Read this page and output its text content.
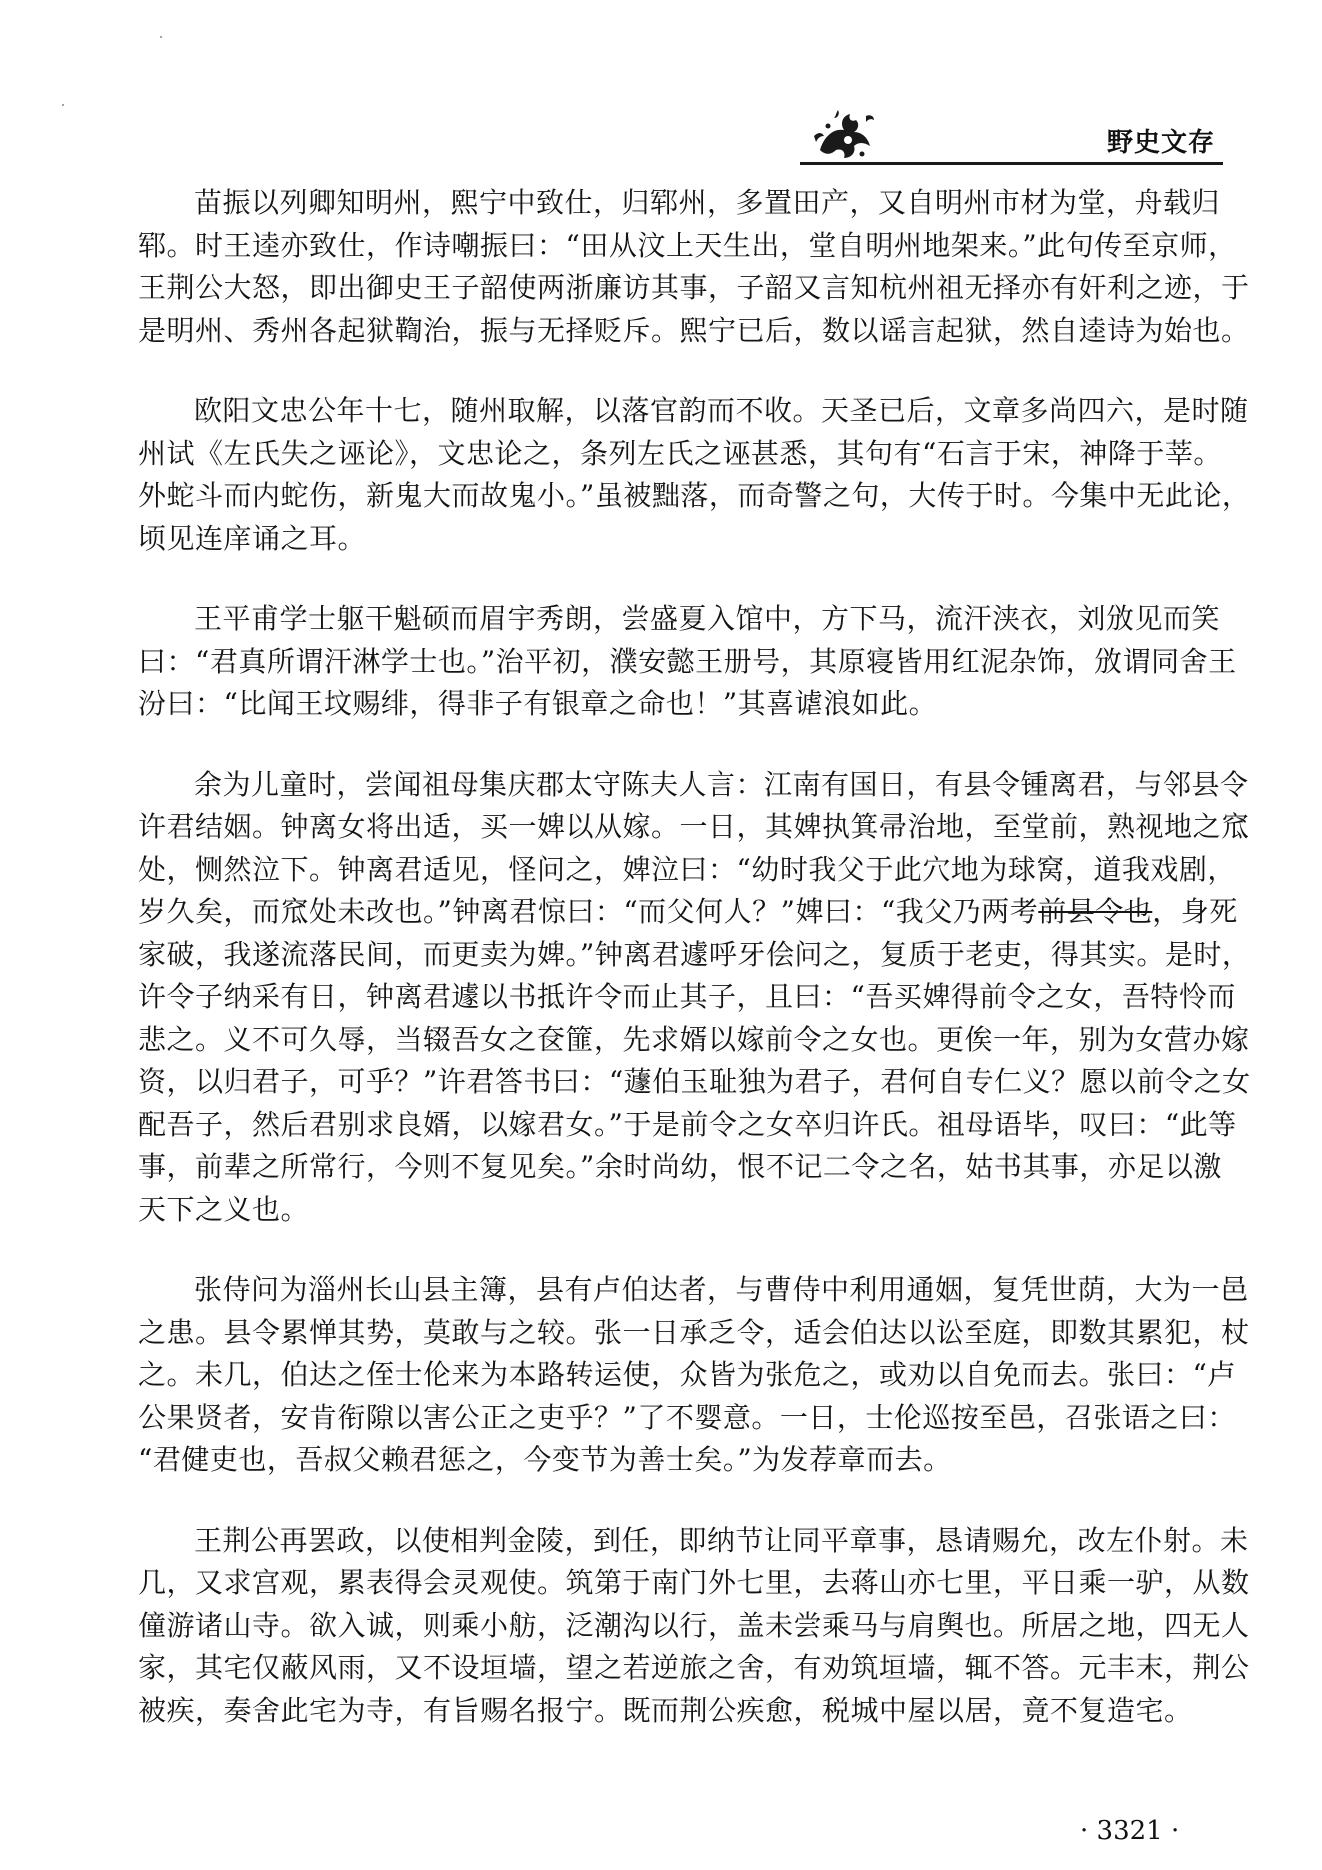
野史文存
苗振以列卿知明州，熙宁中致仕，归郓州，多置田产，又自明州市材为堂，舟载归
郓。时王逵亦致仕，作诗嘲振曰：“田从汶上天生出，堂自明州地架来。”此句传至京师，
王荆公大怒，即出御史王子韶使两浙廉访其事，子韶又言知杭州祖无择亦有奸利之迹，于
是明州、秀州各起狱鞫治，振与无择贬斥。熙宁已后，数以谣言起狱，然自逵诗为始也。
欧阳文忠公年十七，随州取解，以落官韵而不收。天圣已后，文章多尚四六，是时随
州试《左氏失之诬论》，文忠论之，条列左氏之诬甚悉，其句有“石言于宋，神降于莘。
外蛇斗而内蛇伤，新鬼大而故鬼小。”虽被黜落，而奇警之句，大传于时。今集中无此论，
顷见连庠诵之耳。
王平甫学士躯干魁硕而眉宇秀朗，尝盛夏入馆中，方下马，流汗浃衣，刘攽见而笑
曰：“君真所谓汗淋学士也。”治平初，濮安懿王册号，其原寝皆用红泥杂饰，攽谓同舍王
汾曰：“比闻王坟赐绯，得非子有银章之命也！”其喜谑浪如此。
余为儿童时，尝闻祖母集庆郡太守陈夫人言：江南有国日，有县令锺离君，与邻县令
许君结姻。钟离女将出适，买一婢以从嫁。一日，其婢执箕帚治地，至堂前，熟视地之窊
处，恻然泣下。钟离君适见，怪问之，婢泣曰：“幼时我父于此穴地为球窝，道我戏剧，
岁久矣，而窊处未改也。”钟离君惊曰：“而父何人？”婢曰：“我父乃两考前县令也，身死
家破，我遂流落民间，而更卖为婢。”钟离君遽呼牙侩问之，复质于老吏，得其实。是时，
许令子纳采有日，钟离君遽以书抵许令而止其子，且曰：“吾买婢得前令之女，吾特怜而
悲之。义不可久辱，当辍吾女之奁篚，先求婿以嫁前令之女也。更俟一年，别为女营办嫁
资，以归君子，可乎？”许君答书曰：“蘧伯玉耻独为君子，君何自专仁义？愿以前令之女
配吾子，然后君别求良婿，以嫁君女。”于是前令之女卒归许氏。祖母语毕，叹曰：“此等
事，前辈之所常行，今则不复见矣。”余时尚幼，恨不记二令之名，姑书其事，亦足以激
天下之义也。
张侍问为淄州长山县主簿，县有卢伯达者，与曹侍中利用通姻，复凭世荫，大为一邑
之患。县令累惮其势，莫敢与之较。张一日承乏令，适会伯达以讼至庭，即数其累犯，杖
之。未几，伯达之侄士伦来为本路转运使，众皆为张危之，或劝以自免而去。张曰：“卢
公果贤者，安肯衔隙以害公正之吏乎？”了不婴意。一日，士伦巡按至邑，召张语之曰：
“君健吏也，吾叔父赖君惩之，今变节为善士矣。”为发荐章而去。
王荆公再罢政，以使相判金陵，到任，即纳节让同平章事，恳请赐允，改左仆射。未
几，又求宫观，累表得会灵观使。筑第于南门外七里，去蒋山亦七里，平日乘一驴，从数
僮游诸山寺。欲入诚，则乘小舫，泛潮沟以行，盖未尝乘马与肩舆也。所居之地，四无人
家，其宅仅蔽风雨，又不设垣墙，望之若逆旅之舍，有劝筑垣墙，辄不答。元丰末，荆公
被疾，奏舍此宅为寺，有旨赐名报宁。既而荆公疾愈，税城中屋以居，竟不复造宅。
· 3321 ·
